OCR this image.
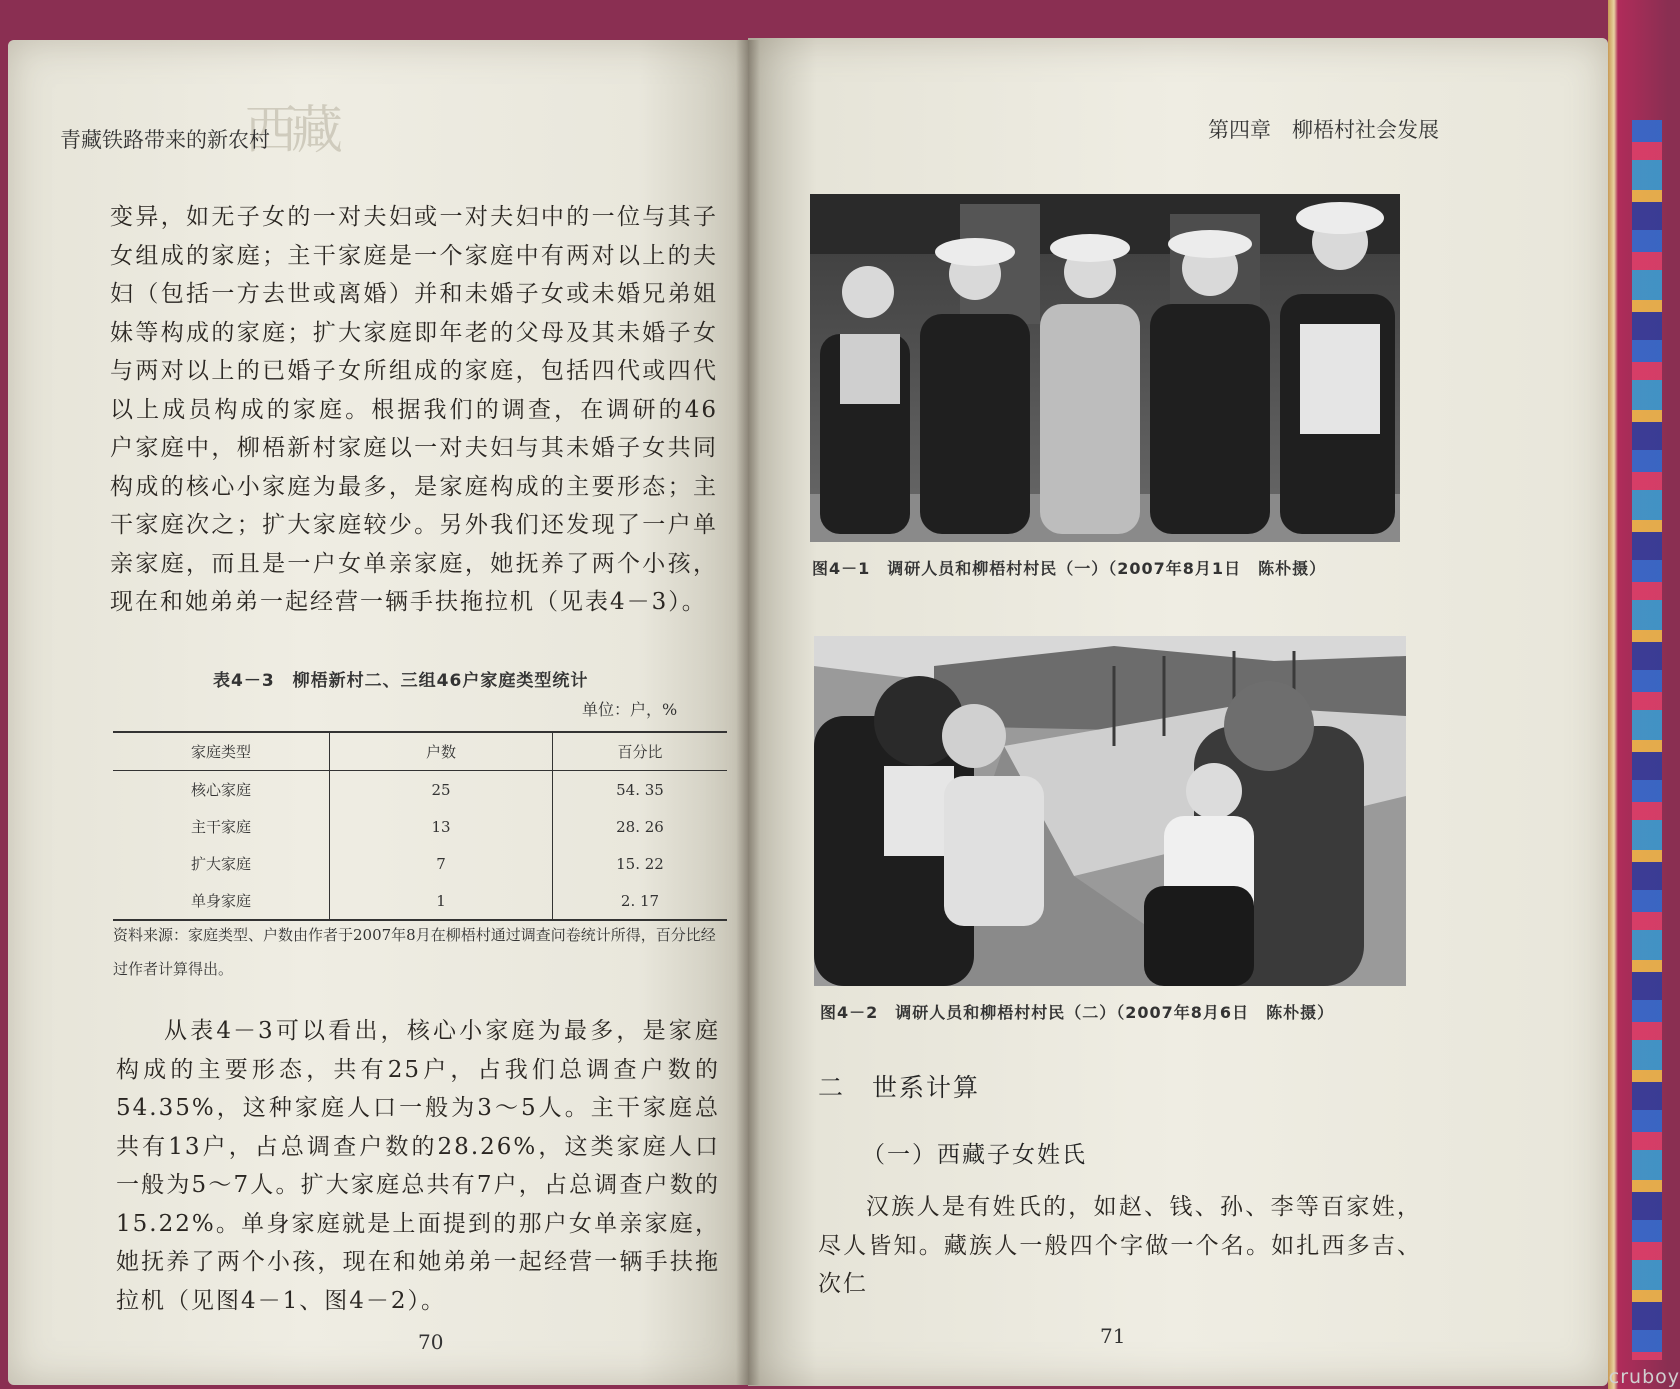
西藏
青藏铁路带来的新农村

变异，如无子女的一对夫妇或一对夫妇中的一位与其子女组成的家庭；主干家庭是一个家庭中有两对以上的夫妇（包括一方去世或离婚）并和未婚子女或未婚兄弟姐妹等构成的家庭；扩大家庭即年老的父母及其未婚子女与两对以上的已婚子女所组成的家庭，包括四代或四代以上成员构成的家庭。根据我们的调查，在调研的46户家庭中，柳梧新村家庭以一对夫妇与其未婚子女共同构成的核心小家庭为最多，是家庭构成的主要形态；主干家庭次之；扩大家庭较少。另外我们还发现了一户单亲家庭，而且是一户女单亲家庭，她抚养了两个小孩，现在和她弟弟一起经营一辆手扶拖拉机（见表4－3）。

表4－3　柳梧新村二、三组46户家庭类型统计
单位：户，%
家庭类型	户数	百分比
核心家庭	25	54. 35
主干家庭	13	28. 26
扩大家庭	7	15. 22
单身家庭	1	2. 17
资料来源：家庭类型、户数由作者于2007年8月在柳梧村通过调查问卷统计所得，百分比经过作者计算得出。

从表4－3可以看出，核心小家庭为最多，是家庭构成的主要形态，共有25户，占我们总调查户数的54.35%，这种家庭人口一般为3～5人。主干家庭总共有13户，占总调查户数的28.26%，这类家庭人口一般为5～7人。扩大家庭总共有7户，占总调查户数的15.22%。单身家庭就是上面提到的那户女单亲家庭，她抚养了两个小孩，现在和她弟弟一起经营一辆手扶拖拉机（见图4－1、图4－2）。

70
第四章　柳梧村社会发展
图4－1　调研人员和柳梧村村民（一）（2007年8月1日　陈朴摄）
图4－2　调研人员和柳梧村村民（二）（2007年8月6日　陈朴摄）
二　世系计算
（一）西藏子女姓氏

汉族人是有姓氏的，如赵、钱、孙、李等百家姓，尽人皆知。藏族人一般四个字做一个名。如扎西多吉、次仁

71
cruboy
